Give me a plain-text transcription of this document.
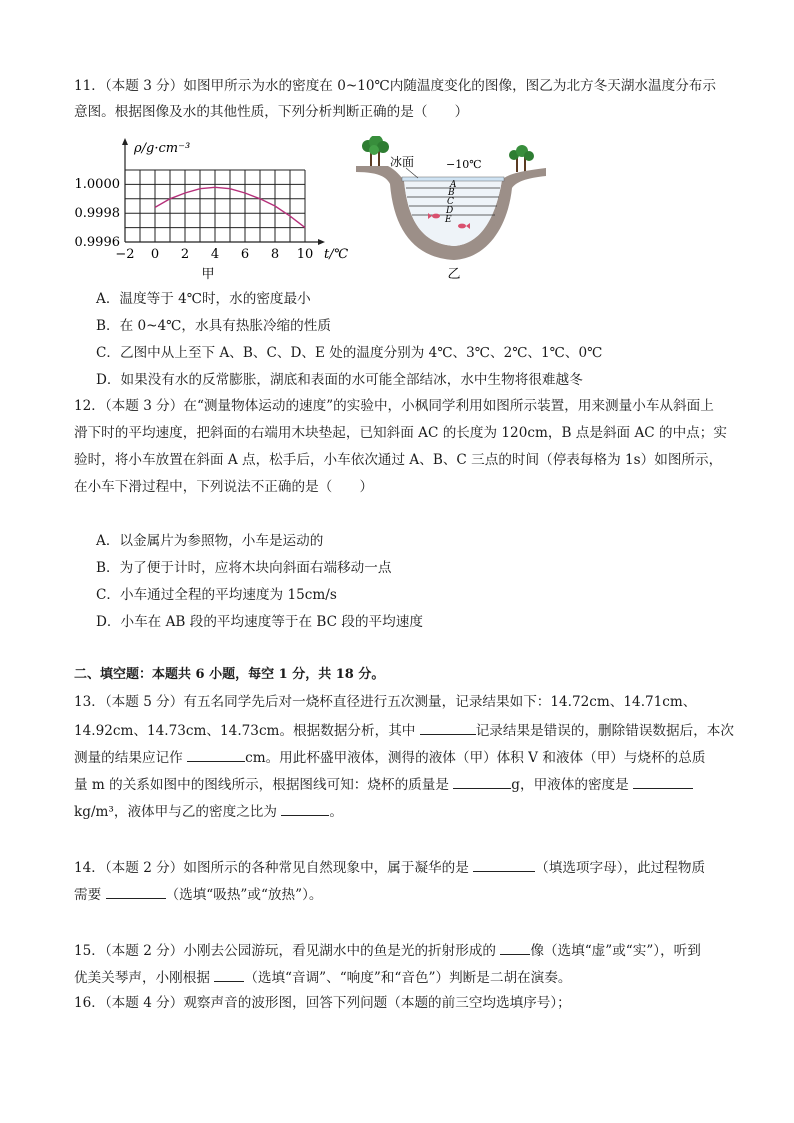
11．（本题 3 分）如图甲所示为水的密度在 0~10℃内随温度变化的图像，图乙为北方冬天湖水温度分布示
意图。根据图像及水的其他性质，下列分析判断正确的是（　　）
ρ/g·cm⁻³
1.0000
0.9998
0.9996
−2 0 2 4 6 8 10 t/℃
甲
冰面	−10℃
A
B
C
D
E
乙
A．温度等于 4℃时，水的密度最小
B．在 0~4℃，水具有热胀冷缩的性质
C．乙图中从上至下 A、B、C、D、E 处的温度分别为 4℃、3℃、2℃、1℃、0℃
D．如果没有水的反常膨胀，湖底和表面的水可能全部结冰，水中生物将很难越冬
12．（本题 3 分）在“测量物体运动的速度”的实验中，小枫同学利用如图所示装置，用来测量小车从斜面上
滑下时的平均速度，把斜面的右端用木块垫起，已知斜面 AC 的长度为 120cm，B 点是斜面 AC 的中点；实
验时，将小车放置在斜面 A 点，松手后，小车依次通过 A、B、C 三点的时间（停表每格为 1s）如图所示，
在小车下滑过程中，下列说法不正确的是（　　）
A．以金属片为参照物，小车是运动的
B．为了便于计时，应将木块向斜面右端移动一点
C．小车通过全程的平均速度为 15cm/s
D．小车在 AB 段的平均速度等于在 BC 段的平均速度
二、填空题：本题共 6 小题，每空 1 分，共 18 分。
13．（本题 5 分）有五名同学先后对一烧杯直径进行五次测量，记录结果如下：14.72cm、14.71cm、
14.92cm、14.73cm、14.73cm。根据数据分析，其中	记录结果是错误的，删除错误数据后，本次
测量的结果应记作	cm。用此杯盛甲液体，测得的液体（甲）体积 V 和液体（甲）与烧杯的总质
量 m 的关系如图中的图线所示，根据图线可知：烧杯的质量是	g，甲液体的密度是
kg/m³，液体甲与乙的密度之比为	。
14．（本题 2 分）如图所示的各种常见自然现象中，属于凝华的是	（填选项字母），此过程物质
需要	（选填“吸热”或“放热”）。
15．（本题 2 分）小刚去公园游玩，看见湖水中的鱼是光的折射形成的 像（选填“虚”或“实”），听到
优美关琴声，小刚根据 （选填“音调”、“响度”和“音色”）判断是二胡在演奏。
16．（本题 4 分）观察声音的波形图，回答下列问题（本题的前三空均选填序号）；
